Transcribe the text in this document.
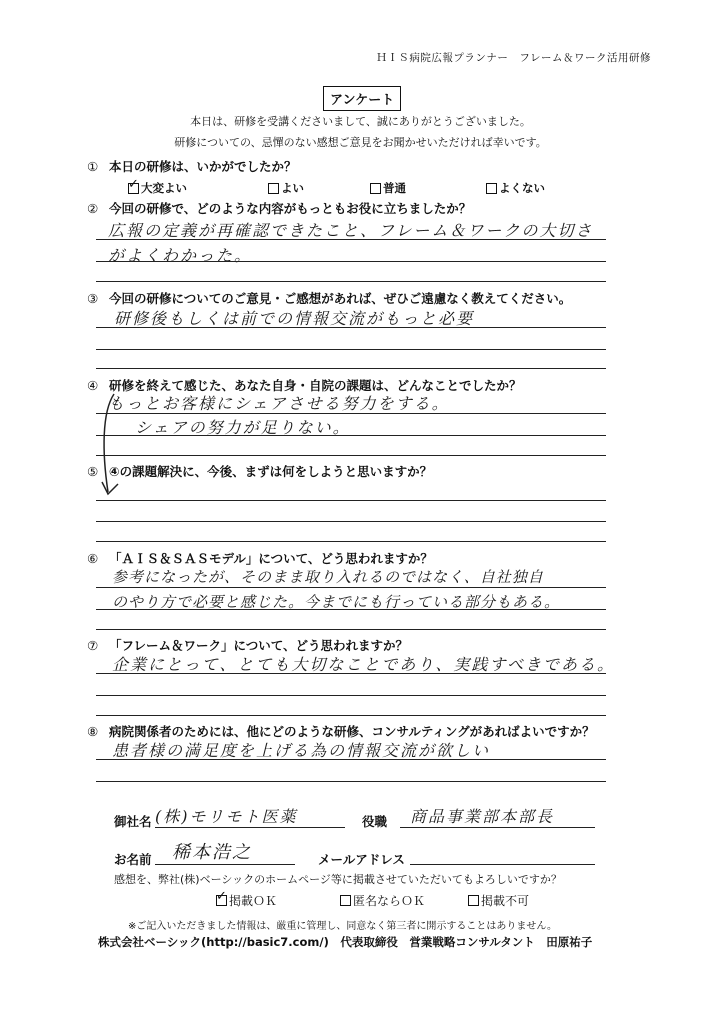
ＨＩＳ病院広報プランナー　フレーム＆ワーク活用研修
アンケート
本日は、研修を受講くださいまして、誠にありがとうございました。
研修についての、忌憚のない感想ご意見をお聞かせいただければ幸いです。
① 本日の研修は、いかがでしたか？
✓
大変よい	よい	普通	よくない
② 今回の研修で、どのような内容がもっともお役に立ちましたか？
広報の定義が再確認できたこと、フレーム＆ワークの大切さ
がよくわかった。
③ 今回の研修についてのご意見・ご感想があれば、ぜひご遠慮なく教えてください。
研修後もしくは前での情報交流がもっと必要
④ 研修を終えて感じた、あなた自身・自院の課題は、どんなことでしたか？
もっとお客様にシェアさせる努力をする。
シェアの努力が足りない。
⑤ ④の課題解決に、今後、まずは何をしようと思いますか？
⑥ 「ＡＩＳ＆ＳＡＳモデル」について、どう思われますか？
参考になったが、そのまま取り入れるのではなく、自社独自
のやり方で必要と感じた。今までにも行っている部分もある。
⑦ 「フレーム＆ワーク」について、どう思われますか？
企業にとって、とても大切なことであり、実践すべきである。
⑧ 病院関係者のためには、他にどのような研修、コンサルティングがあればよいですか？
患者様の満足度を上げる為の情報交流が欲しい
御社名 (株)モリモト医薬	役職 商品事業部本部長
お名前 稀本浩之	メールアドレス
感想を、弊社(株)ベーシックのホームページ等に掲載させていただいてもよろしいですか？
✓
掲載ＯＫ	匿名ならＯＫ	掲載不可
※ご記入いただきました情報は、厳重に管理し、同意なく第三者に開示することはありません。
株式会社ベーシック(http://basic7.com/)　代表取締役　営業戦略コンサルタント　田原祐子
